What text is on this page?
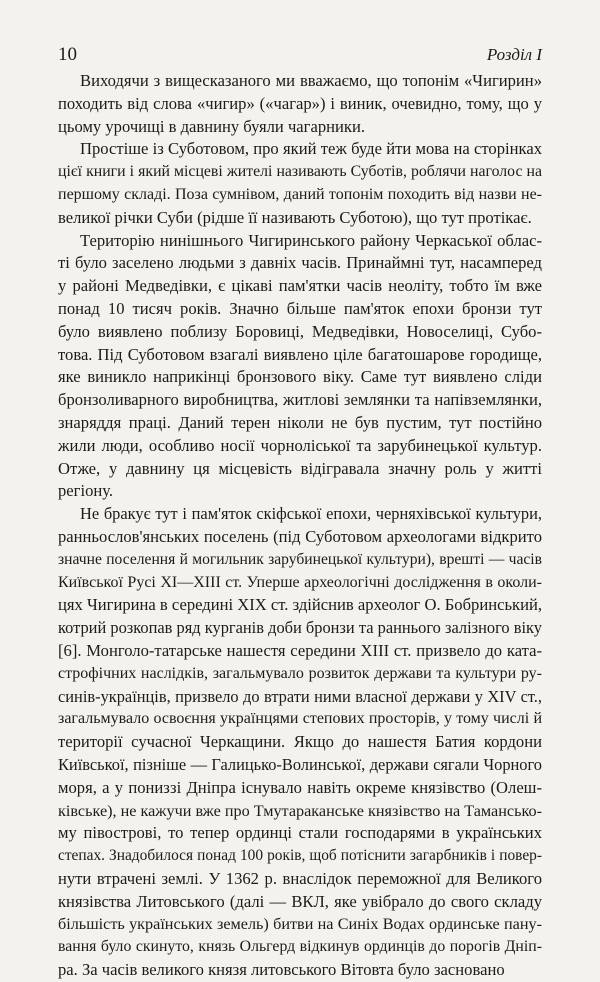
10	Розділ І
Виходячи з вищесказаного ми вважаємо, що топонім «Чигирин»
походить від слова «чигир» («чагар») і виник, очевидно, тому, що у
цьому урочищі в давнину буяли чагарники.
Простіше із Суботовом, про який теж буде йти мова на сторінках
цієї книги і який місцеві жителі називають Суботів, роблячи наголос на
першому складі. Поза сумнівом, даний топонім походить від назви не-
великої річки Суби (рідше її називають Суботою), що тут протікає.
Територію нинішнього Чигиринського району Черкаської облас-
ті було заселено людьми з давніх часів. Принаймні тут, насамперед
у районі Медведівки, є цікаві пам'ятки часів неоліту, тобто їм вже
понад 10 тисяч років. Значно більше пам'яток епохи бронзи тут
було виявлено поблизу Боровиці, Медведівки, Новоселиці, Субо-
това. Під Суботовом взагалі виявлено ціле багатошарове городище,
яке виникло наприкінці бронзового віку. Саме тут виявлено сліди
бронзоливарного виробництва, житлові землянки та напівземлянки,
знаряддя праці. Даний терен ніколи не був пустим, тут постійно
жили люди, особливо носії чорноліської та зарубинецької культур.
Отже, у давнину ця місцевість відігравала значну роль у житті
регіону.
Не бракує тут і пам'яток скіфської епохи, черняхівської культури,
ранньослов'янських поселень (під Суботовом археологами відкрито
значне поселення й могильник зарубинецької культури), врешті — часів
Київської Русі ХІ—ХІІІ ст. Уперше археологічні дослідження в околи-
цях Чигирина в середині ХІХ ст. здійснив археолог О. Бобринський,
котрий розкопав ряд курганів доби бронзи та раннього залізного віку
[6]. Монголо-татарське нашестя середини ХІІІ ст. призвело до ката-
строфічних наслідків, загальмувало розвиток держави та культури ру-
синів-українців, призвело до втрати ними власної держави у ХІV ст.,
загальмувало освоєння українцями степових просторів, у тому числі й
території сучасної Черкащини. Якщо до нашестя Батия кордони
Київської, пізніше — Галицько-Волинської, держави сягали Чорного
моря, а у пониззі Дніпра існувало навіть окреме князівство (Олеш-
ківське), не кажучи вже про Тмутараканське князівство на Тамансько-
му півострові, то тепер ординці стали господарями в українських
степах. Знадобилося понад 100 років, щоб потіснити загарбників і повер-
нути втрачені землі. У 1362 р. внаслідок переможної для Великого
князівства Литовського (далі — ВКЛ, яке увібрало до свого складу
більшість українських земель) битви на Синіх Водах ординське пану-
вання було скинуто, князь Ольгерд відкинув ординців до порогів Дніп-
ра. За часів великого князя литовського Вітовта було засновано
